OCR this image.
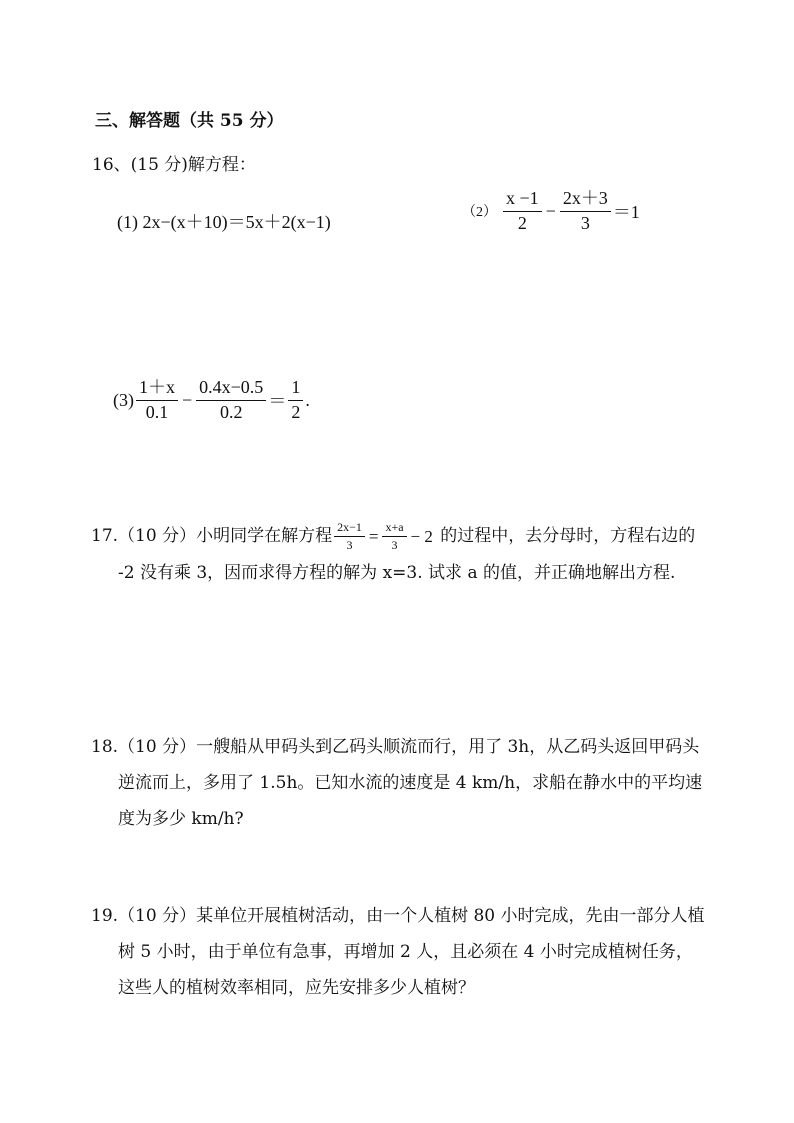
三、解答题（共 55 分）
16、(15 分)解方程：
(1) 2x−(x＋10)＝5x＋2(x−1)	$(2) \frac{x -1}{2} - \frac{2x+3}{3} =1$
$(3) \frac{1+x}{0.1} - \frac{0.4x-0.5}{0.2} = \frac{1}{2}$ .
17.（10 分）小明同学在解方程 $\frac{2x-1}{3} = \frac{x+a}{3} - 2$ 的过程中，去分母时，方程右边的
-2 没有乘 3，因而求得方程的解为 x=3. 试求 a 的值，并正确地解出方程.
18.（10 分）一艘船从甲码头到乙码头顺流而行，用了 3h，从乙码头返回甲码头
逆流而上，多用了 1.5h。已知水流的速度是 4 km/h，求船在静水中的平均速
度为多少 km/h?
19.（10 分）某单位开展植树活动，由一个人植树 80 小时完成，先由一部分人植
树 5 小时，由于单位有急事，再增加 2 人，且必须在 4 小时完成植树任务，
这些人的植树效率相同，应先安排多少人植树？
